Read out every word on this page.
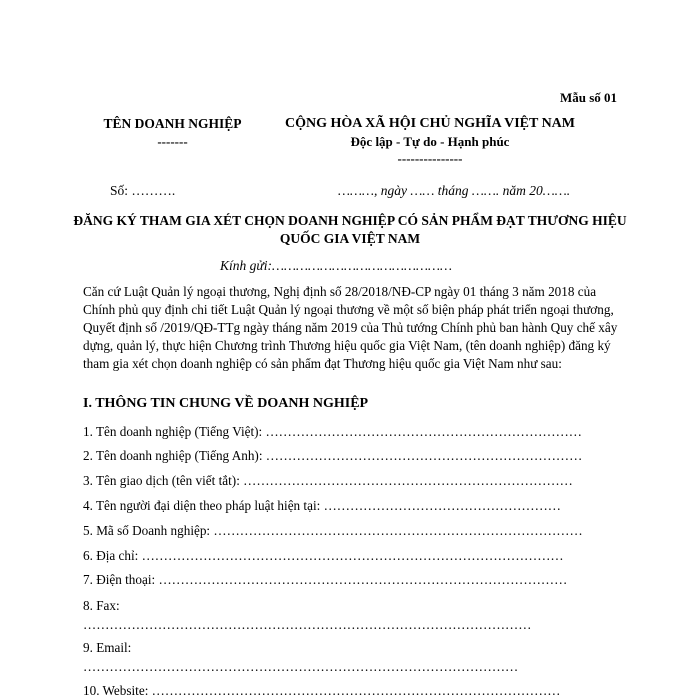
Mẫu số 01
TÊN DOANH NGHIỆP
-------
CỘNG HÒA XÃ HỘI CHỦ NGHĨA VIỆT NAM
Độc lập - Tự do - Hạnh phúc
---------------
Số: ……….	………, ngày …… tháng ……. năm 20…….
ĐĂNG KÝ THAM GIA XÉT CHỌN DOANH NGHIỆP CÓ SẢN PHẨM ĐẠT THƯƠNG HIỆU QUỐC GIA VIỆT NAM
Kính gửi:………………………………………
Căn cứ Luật Quản lý ngoại thương, Nghị định số 28/2018/NĐ-CP ngày 01 tháng 3 năm 2018 của Chính phủ quy định chi tiết Luật Quản lý ngoại thương về một số biện pháp phát triển ngoại thương, Quyết định số /2019/QĐ-TTg ngày tháng năm 2019 của Thủ tướng Chính phủ ban hành Quy chế xây dựng, quản lý, thực hiện Chương trình Thương hiệu quốc gia Việt Nam, (tên doanh nghiệp) đăng ký tham gia xét chọn doanh nghiệp có sản phẩm đạt Thương hiệu quốc gia Việt Nam như sau:
I. THÔNG TIN CHUNG VỀ DOANH NGHIỆP
1. Tên doanh nghiệp (Tiếng Việt): ………………………………………………………………
2. Tên doanh nghiệp (Tiếng Anh): ………………………………………………………………
3. Tên giao dịch (tên viết tắt): …………………………………………………………………
4. Tên người đại diện theo pháp luật hiện tại: ………………………………………………
5. Mã số Doanh nghiệp: …………………………………………………………………………
6. Địa chỉ: ……………………………………………………………………………………
7. Điện thoại: …………………………………………………………………………………
8. Fax:
…………………………………………………………………………………………
9. Email:
………………………………………………………………………………………
10. Website: …………………………………………………………………………………
